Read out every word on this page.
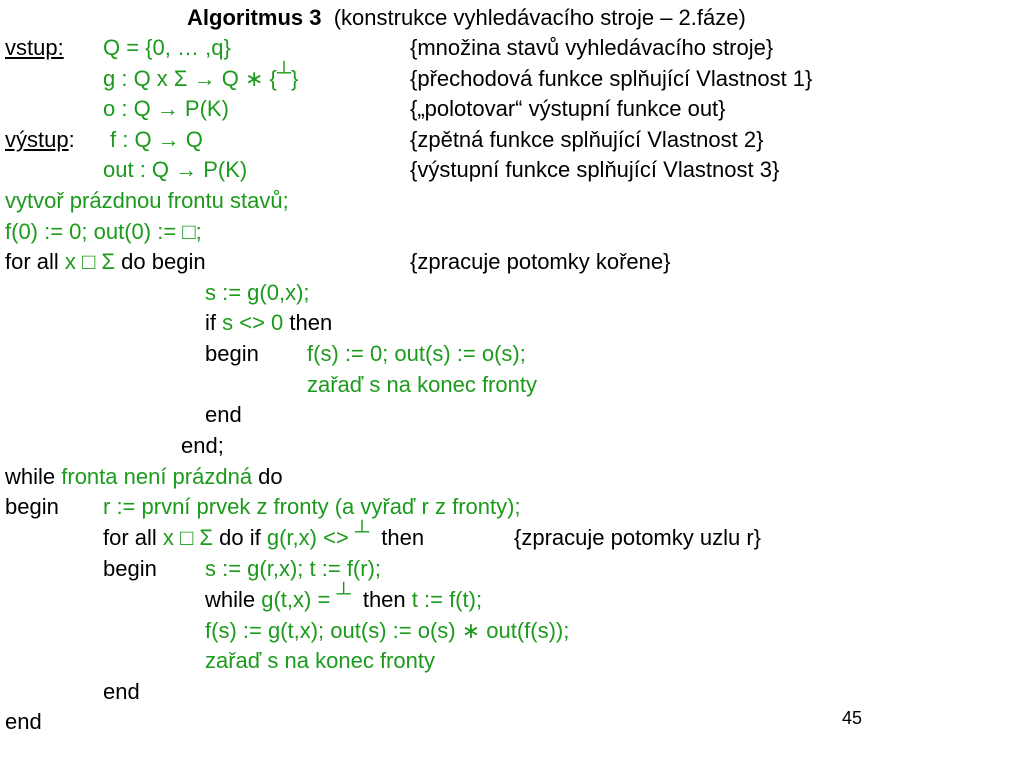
Algoritmus 3 (konstrukce vyhledávacího stroje – 2.fáze)
vstup: Q = {0, … ,q}	{množina stavů vyhledávacího stroje}
g : Q x Σ → Q ∗ {┴}	{přechodová funkce splňující Vlastnost 1}
o : Q → P(K)	{„polotovar“ výstupní funkce out}
výstup: f : Q → Q	{zpětná funkce splňující Vlastnost 2}
out : Q → P(K)	{výstupní funkce splňující Vlastnost 3}
vytvoř prázdnou frontu stavů;
f(0) := 0; out(0) := □;
for all x □ Σ do begin	{zpracuje potomky kořene}
s := g(0,x);
if s <> 0 then
begin f(s) := 0; out(s) := o(s);
zařaď s na konec fronty
end
end;
while fronta není prázdná do
begin r := první prvek z fronty (a vyřaď r z fronty);
for all x □ Σ do if g(r,x) <> ┴  then	{zpracuje potomky uzlu r}
begin s := g(r,x); t := f(r);
while g(t,x) = ┴  then t := f(t);
f(s) := g(t,x); out(s) := o(s) ∗ out(f(s));
zařaď s na konec fronty
end
end	45
